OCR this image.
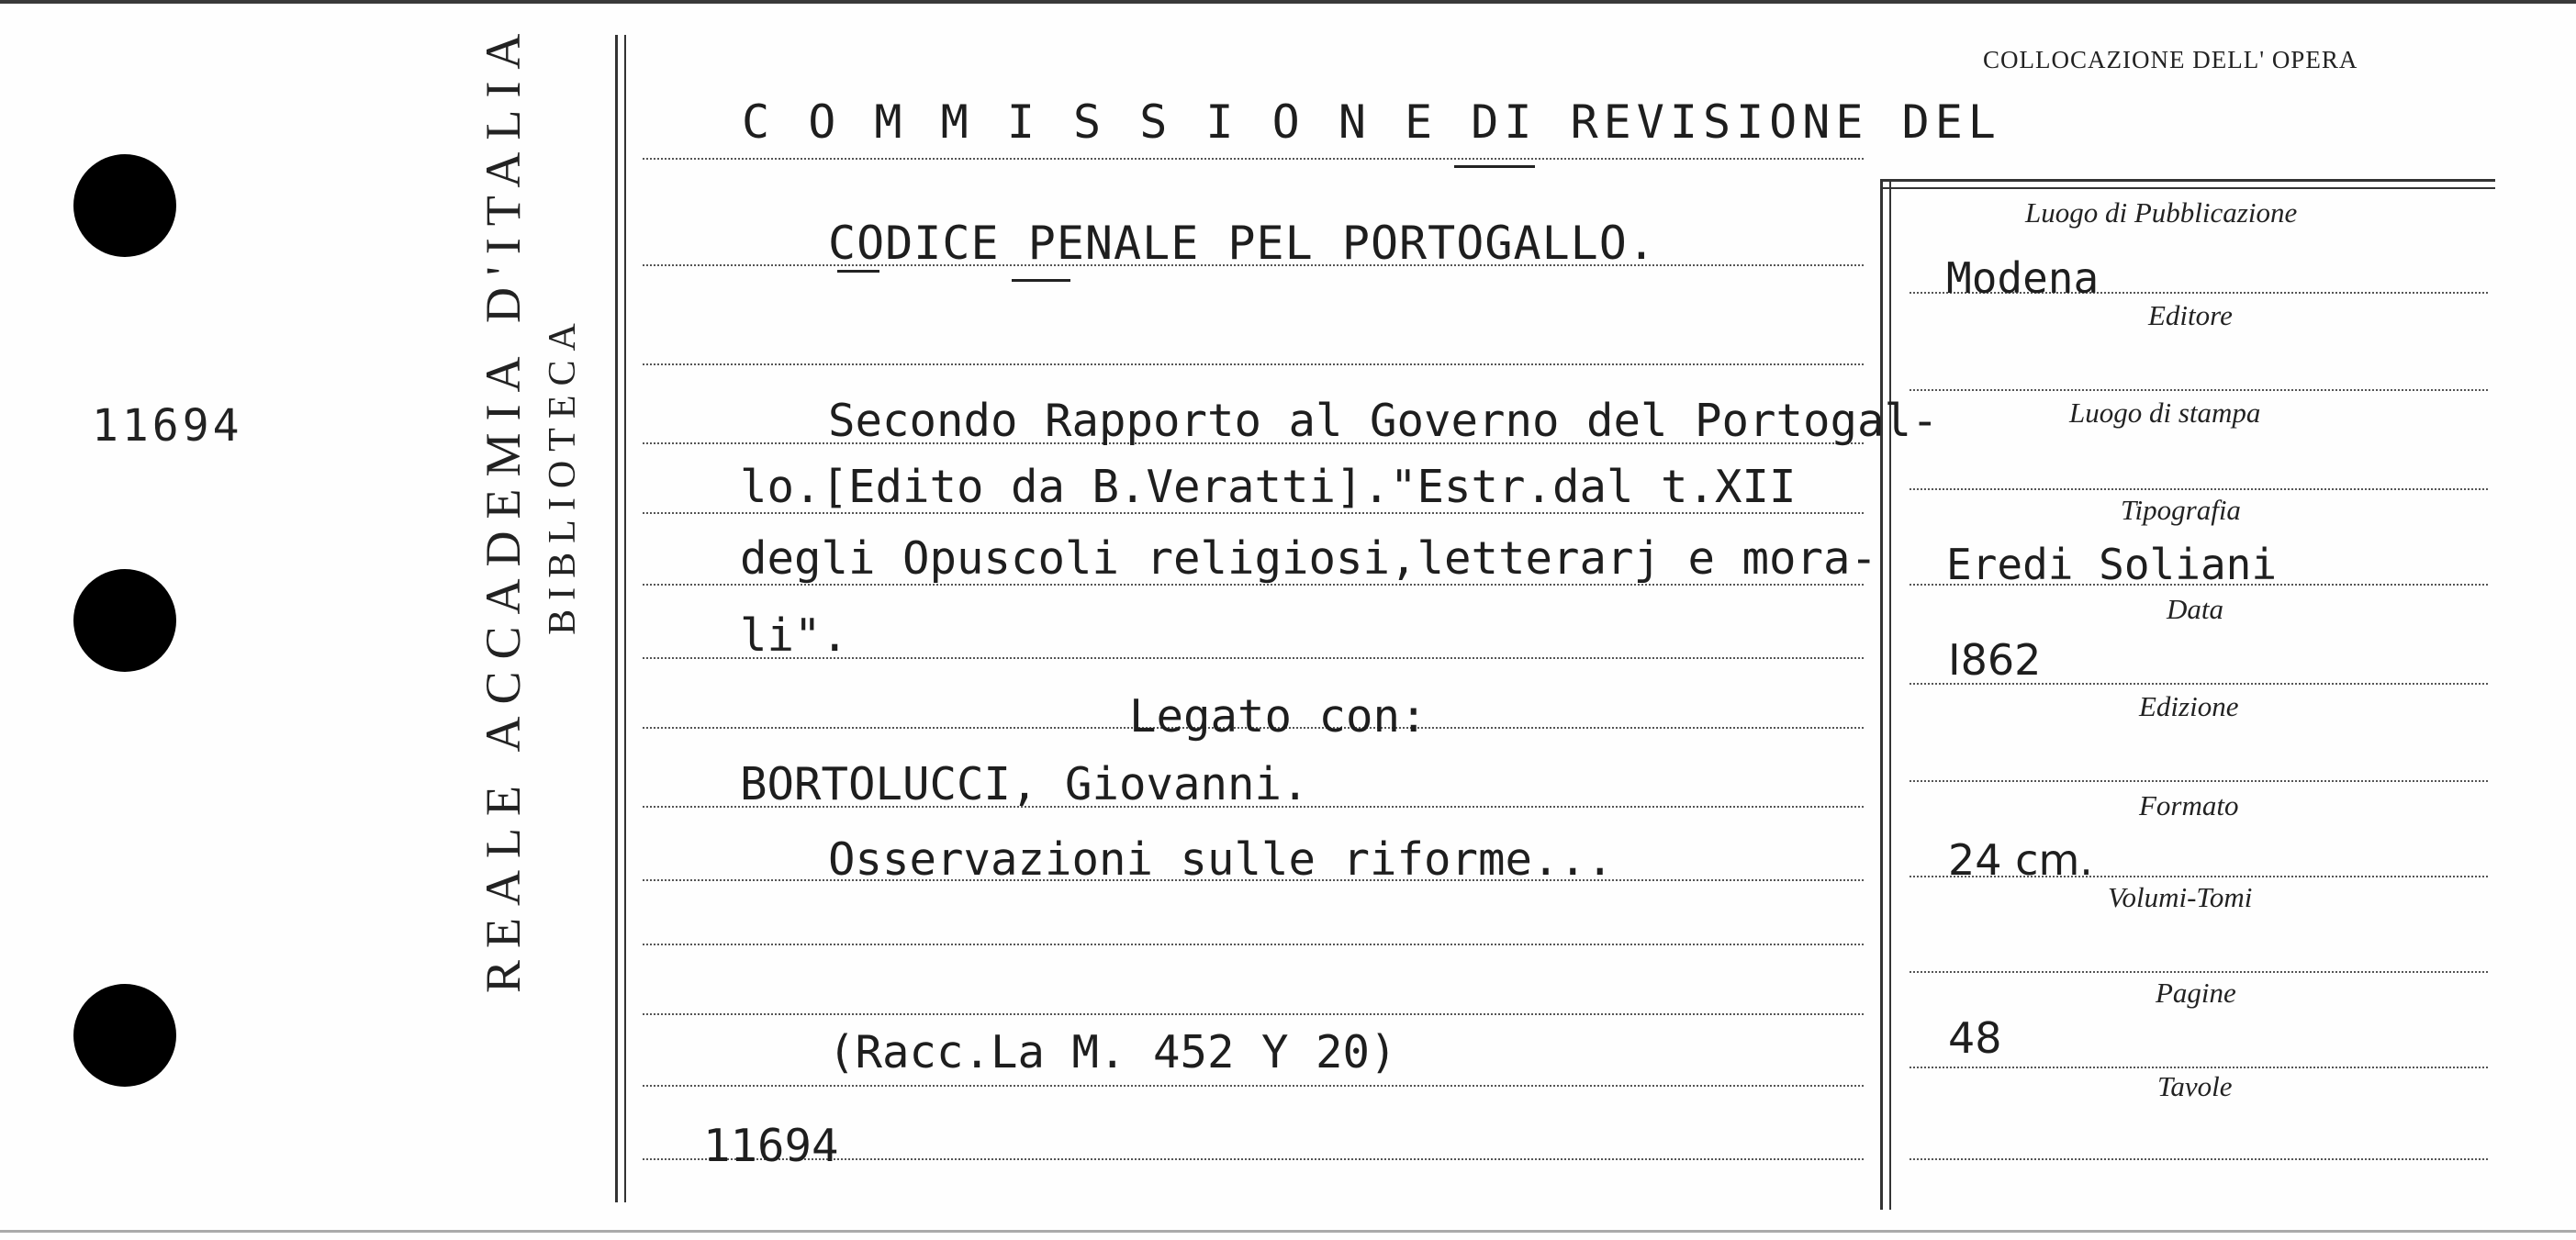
11694	REALE ACCADEMIA D'ITALIA BIBLIOTECA
C O M M I S S I O N E DI REVISIONE DEL
CODICE PENALE PEL PORTOGALLO.
Secondo Rapporto al Governo del Portogal-
lo.[Edito da B.Veratti]."Estr.dal t.XII
degli Opuscoli religiosi,letterarj e mora-
li".
Legato con:
BORTOLUCCI, Giovanni.
Osservazioni sulle riforme...
(Racc.La M. 452 Y 20)
11694
COLLOCAZIONE DELL' OPERA
Luogo di Pubblicazione
Modena
Editore
Luogo di stampa
Tipografia
Eredi Soliani
Data
I862
Edizione
Formato
24 cm.
Volumi-Tomi
Pagine
48
Tavole
